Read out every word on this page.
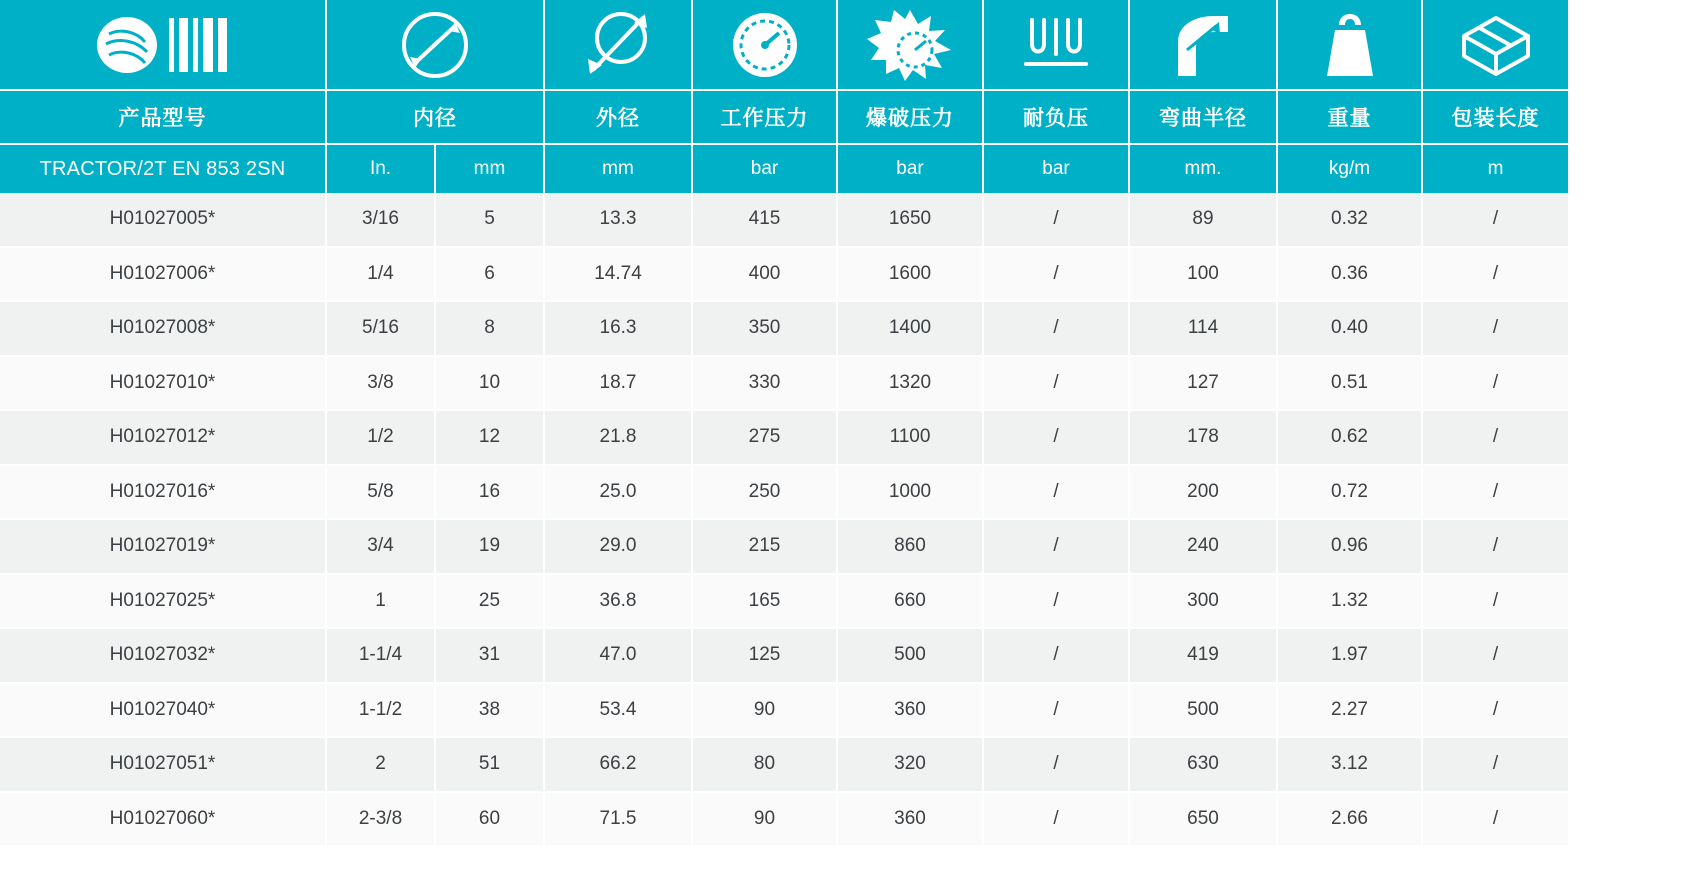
产品型号	内径		外径	工作压力	爆破压力	耐负压	弯曲半径	重量	包装长度
TRACTOR/2T EN 853 2SN	In.	mm	mm	bar	bar	bar	mm.	kg/m	m
H01027005*	3/16	5	13.3	415	1650	/	89	0.32	/
H01027006*	1/4	6	14.74	400	1600	/	100	0.36	/
H01027008*	5/16	8	16.3	350	1400	/	114	0.40	/
H01027010*	3/8	10	18.7	330	1320	/	127	0.51	/
H01027012*	1/2	12	21.8	275	1100	/	178	0.62	/
H01027016*	5/8	16	25.0	250	1000	/	200	0.72	/
H01027019*	3/4	19	29.0	215	860	/	240	0.96	/
H01027025*	1	25	36.8	165	660	/	300	1.32	/
H01027032*	1-1/4	31	47.0	125	500	/	419	1.97	/
H01027040*	1-1/2	38	53.4	90	360	/	500	2.27	/
H01027051*	2	51	66.2	80	320	/	630	3.12	/
H01027060*	2-3/8	60	71.5	90	360	/	650	2.66	/
